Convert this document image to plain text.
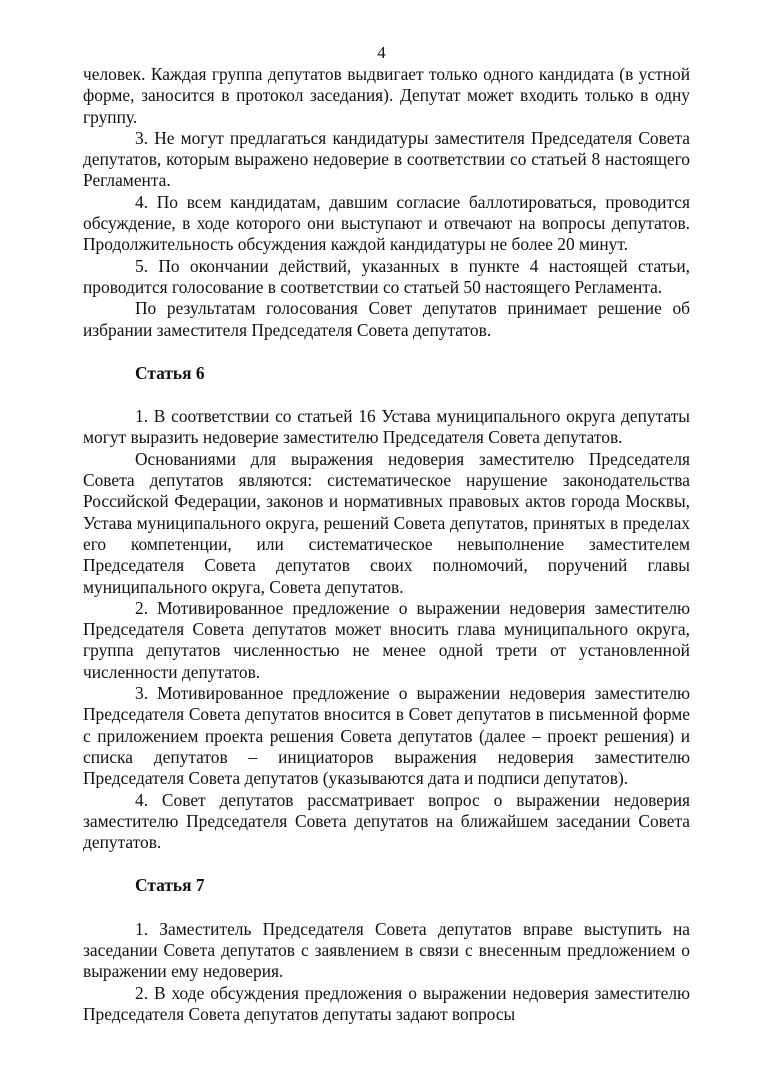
4

человек. Каждая группа депутатов выдвигает только одного кандидата (в устной форме, заносится в протокол заседания). Депутат может входить только в одну группу.

3. Не могут предлагаться кандидатуры заместителя Председателя Совета депутатов, которым выражено недоверие в соответствии со статьей 8 настоящего Регламента.

4. По всем кандидатам, давшим согласие баллотироваться, проводится обсуждение, в ходе которого они выступают и отвечают на вопросы депутатов. Продолжительность обсуждения каждой кандидатуры не более 20 минут.

5. По окончании действий, указанных в пункте 4 настоящей статьи, проводится голосование в соответствии со статьей 50 настоящего Регламента.

По результатам голосования Совет депутатов принимает решение об избрании заместителя Председателя Совета депутатов.

Статья 6

1. В соответствии со статьей 16 Устава муниципального округа депутаты могут выразить недоверие заместителю Председателя Совета депутатов.

Основаниями для выражения недоверия заместителю Председателя Совета депутатов являются: систематическое нарушение законодательства Российской Федерации, законов и нормативных правовых актов города Москвы, Устава муниципального округа, решений Совета депутатов, принятых в пределах его компетенции, или систематическое невыполнение заместителем Председателя Совета депутатов своих полномочий, поручений главы муниципального округа, Совета депутатов.

2. Мотивированное предложение о выражении недоверия заместителю Председателя Совета депутатов может вносить глава муниципального округа, группа депутатов численностью не менее одной трети от установленной численности депутатов.

3. Мотивированное предложение о выражении недоверия заместителю Председателя Совета депутатов вносится в Совет депутатов в письменной форме с приложением проекта решения Совета депутатов (далее – проект решения) и списка депутатов – инициаторов выражения недоверия заместителю Председателя Совета депутатов (указываются дата и подписи депутатов).

4. Совет депутатов рассматривает вопрос о выражении недоверия заместителю Председателя Совета депутатов на ближайшем заседании Совета депутатов.

Статья 7

1. Заместитель Председателя Совета депутатов вправе выступить на заседании Совета депутатов с заявлением в связи с внесенным предложением о выражении ему недоверия.

2. В ходе обсуждения предложения о выражении недоверия заместителю Председателя Совета депутатов депутаты задают вопросы
